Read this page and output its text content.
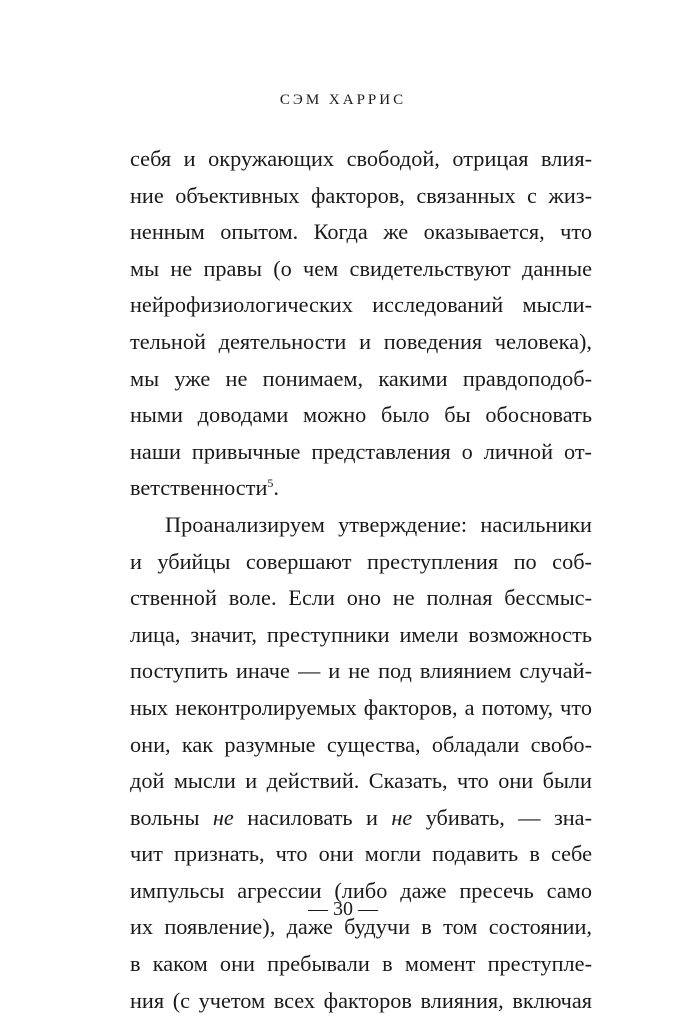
СЭМ ХАРРИС
себя и окружающих свободой, отрицая влия-
ние объективных факторов, связанных с жиз-
ненным опытом. Когда же оказывается, что
мы не правы (о чем свидетельствуют данные
нейрофизиологических исследований мысли-
тельной деятельности и поведения человека),
мы уже не понимаем, какими правдоподоб-
ными доводами можно было бы обосновать
наши привычные представления о личной от-
ветственности$^5$.
Проанализируем утверждение: насильники
и убийцы совершают преступления по соб-
ственной воле. Если оно не полная бессмыс-
лица, значит, преступники имели возможность
поступить иначе — и не под влиянием случай-
ных неконтролируемых факторов, а потому, что
они, как разумные существа, обладали свобо-
дой мысли и действий. Сказать, что они были
вольны не насиловать и не убивать, — зна-
чит признать, что они могли подавить в себе
импульсы агрессии (либо даже пресечь само
их появление), даже будучи в том состоянии,
в каком они пребывали в момент преступле-
ния (с учетом всех факторов влияния, включая
— 30 —
